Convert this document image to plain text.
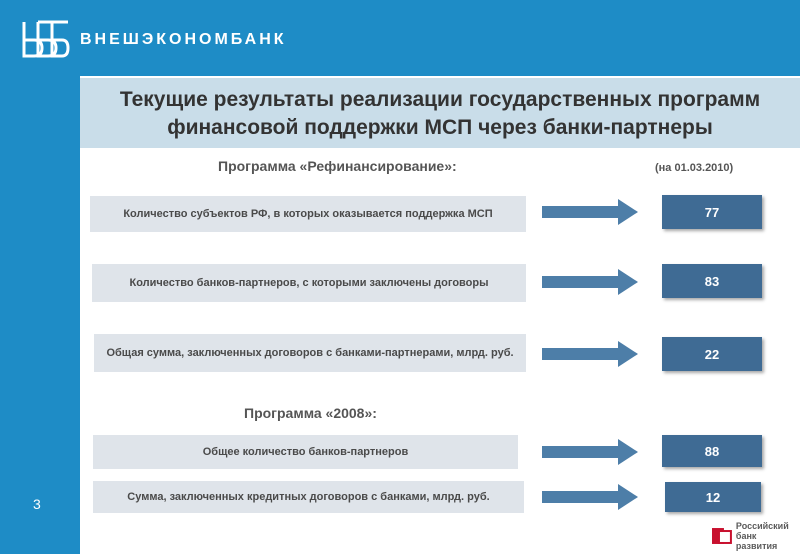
ВНЕШЭКОНОМБАНК
Текущие результаты реализации государственных программ
финансовой поддержки МСП через банки-партнеры
3
Программа «Рефинансирование»:	(на 01.03.2010)
Количество субъектов РФ, в которых оказывается поддержка МСП	77
Количество банков-партнеров, с которыми заключены договоры	83
Общая сумма, заключенных договоров с банками-партнерами, млрд. руб.	22
Программа «2008»:
Общее количество банков-партнеров	88
Сумма, заключенных кредитных договоров с банками, млрд. руб.	12
Российский
банк развития
